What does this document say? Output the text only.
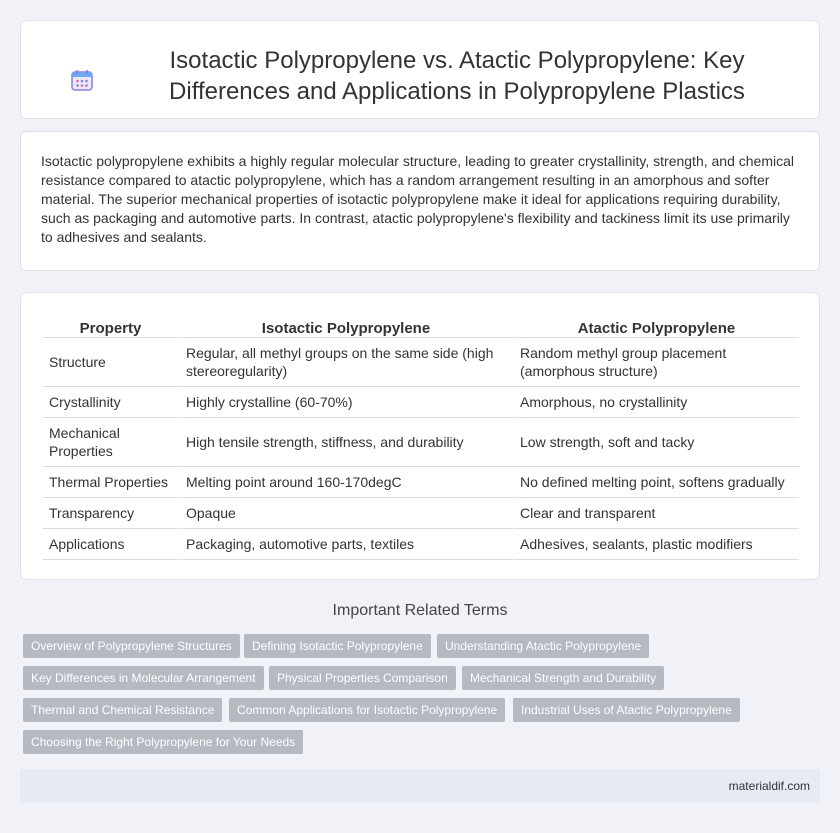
Isotactic Polypropylene vs. Atactic Polypropylene: Key Differences and Applications in Polypropylene Plastics

Isotactic polypropylene exhibits a highly regular molecular structure, leading to greater crystallinity, strength, and chemical resistance compared to atactic polypropylene, which has a random arrangement resulting in an amorphous and softer material. The superior mechanical properties of isotactic polypropylene make it ideal for applications requiring durability, such as packaging and automotive parts. In contrast, atactic polypropylene's flexibility and tackiness limit its use primarily to adhesives and sealants.

Property	Isotactic Polypropylene	Atactic Polypropylene
Structure	Regular, all methyl groups on the same side (high stereoregularity)	Random methyl group placement (amorphous structure)
Crystallinity	Highly crystalline (60-70%)	Amorphous, no crystallinity
Mechanical Properties	High tensile strength, stiffness, and durability	Low strength, soft and tacky
Thermal Properties	Melting point around 160-170degC	No defined melting point, softens gradually
Transparency	Opaque	Clear and transparent
Applications	Packaging, automotive parts, textiles	Adhesives, sealants, plastic modifiers
Important Related Terms
Overview of Polypropylene Structures	Defining Isotactic Polypropylene	Understanding Atactic Polypropylene
Key Differences in Molecular Arrangement	Physical Properties Comparison	Mechanical Strength and Durability
Thermal and Chemical Resistance	Common Applications for Isotactic Polypropylene	Industrial Uses of Atactic Polypropylene
Choosing the Right Polypropylene for Your Needs
materialdif.com
